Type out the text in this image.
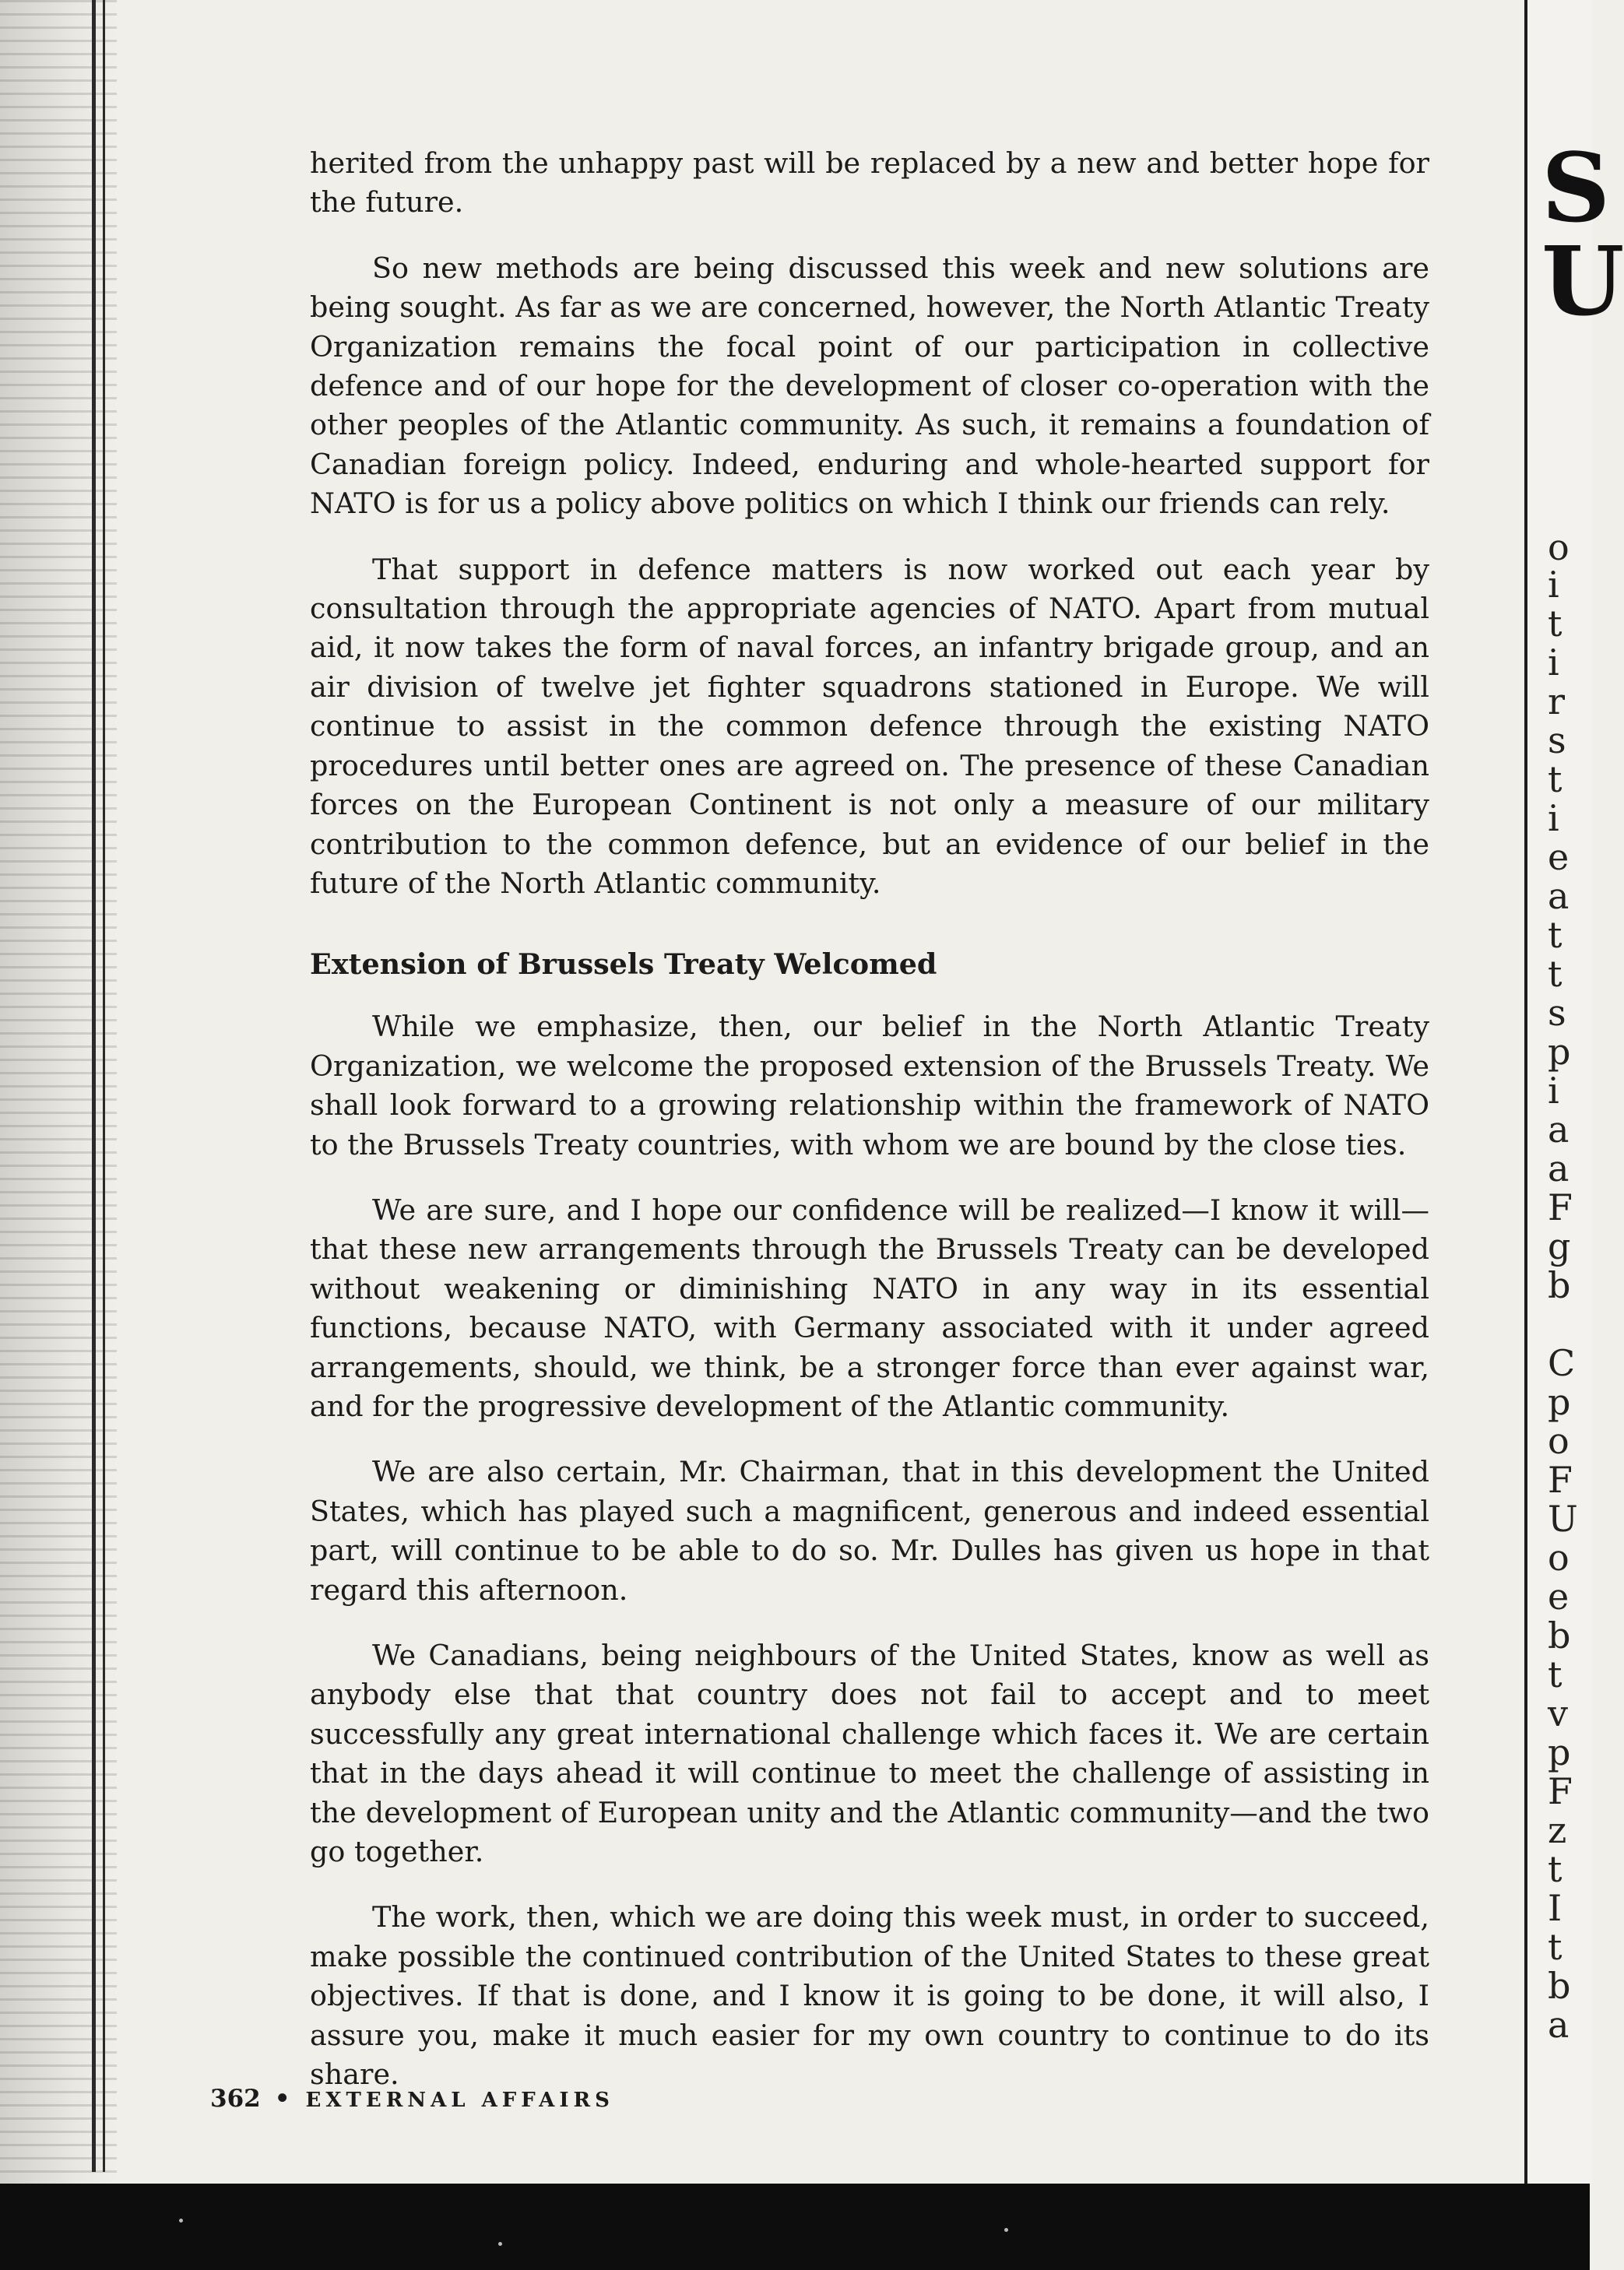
S
U
o
i
t
i
r
s
t
i
e
a
t
t
s
p
i
a
a
F
g
b
C
p
o
F
U
o
e
b
t
v
p
F
z
t
I
t
b
a

herited from the unhappy past will be replaced by a new and better hope for the future.

So new methods are being discussed this week and new solutions are being sought. As far as we are concerned, however, the North Atlantic Treaty Organization remains the focal point of our participation in collective defence and of our hope for the development of closer co-operation with the other peoples of the Atlantic community. As such, it remains a foundation of Canadian foreign policy. Indeed, enduring and whole-hearted support for NATO is for us a policy above politics on which I think our friends can rely.

That support in defence matters is now worked out each year by consultation through the appropriate agencies of NATO. Apart from mutual aid, it now takes the form of naval forces, an infantry brigade group, and an air division of twelve jet fighter squadrons stationed in Europe. We will continue to assist in the common defence through the existing NATO procedures until better ones are agreed on. The presence of these Canadian forces on the European Continent is not only a measure of our military contribution to the common defence, but an evidence of our belief in the future of the North Atlantic community.

Extension of Brussels Treaty Welcomed

While we emphasize, then, our belief in the North Atlantic Treaty Organization, we welcome the proposed extension of the Brussels Treaty. We shall look forward to a growing relationship within the framework of NATO to the Brussels Treaty countries, with whom we are bound by the close ties.

We are sure, and I hope our confidence will be realized—I know it will—that these new arrangements through the Brussels Treaty can be developed without weakening or diminishing NATO in any way in its essential functions, because NATO, with Germany associated with it under agreed arrangements, should, we think, be a stronger force than ever against war, and for the progressive development of the Atlantic community.

We are also certain, Mr. Chairman, that in this development the United States, which has played such a magnificent, generous and indeed essential part, will continue to be able to do so. Mr. Dulles has given us hope in that regard this afternoon.

We Canadians, being neighbours of the United States, know as well as anybody else that that country does not fail to accept and to meet successfully any great international challenge which faces it. We are certain that in the days ahead it will continue to meet the challenge of assisting in the development of European unity and the Atlantic community—and the two go together.

The work, then, which we are doing this week must, in order to succeed, make possible the continued contribution of the United States to these great objectives. If that is done, and I know it is going to be done, it will also, I assure you, make it much easier for my own country to continue to do its share.

362 • EXTERNAL AFFAIRS
